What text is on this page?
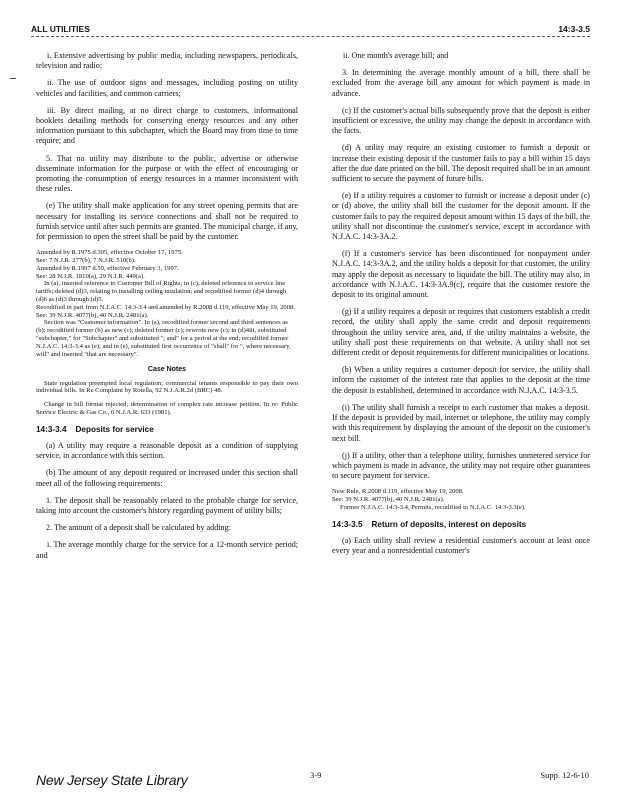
ALL UTILITIES	14:3-3.5

i. Extensive advertising by public media, including newspapers, periodicals, television and radio;

ii. The use of outdoor signs and messages, including posting on utility vehicles and facilities, and common carriers;

iii. By direct mailing, at no direct charge to customers, informational booklets detailing methods for conserving energy resources and any other information pursuant to this subchapter, which the Board may from time to time require; and

5. That no utility may distribute to the public, advertise or otherwise disseminate information for the purpose or with the effect of encouraging or promoting the consumption of energy resources in a manner inconsistent with these rules.

(e) The utility shall make application for any street opening permits that are necessary for installing its service connections and shall not be required to furnish service until after such permits are granted. The municipal charge, if any, for permission to open the street shall be paid by the customer.

Amended by R.1975 d.305, effective October 17, 1975.

See: 7 N.J.R. 277(b), 7 N.J.R. 510(b).

Amended by R.1997 d.59, effective February 3, 1997.

See: 28 N.J.R. 1810(a), 29 N.J.R. 449(a).

In (a), inserted reference to Customer Bill of Rights; in (c), deleted reference to service line tariffs; deleted (d)3, relating to installing ceiling insulation; and recodified former (d)4 through (d)6 as (d)3 through (d)5.

Recodified in part from N.J.A.C. 14:3-3.4 and amended by R.2008 d.119, effective May 19, 2008.

See: 39 N.J.R. 4077(b), 40 N.J.R. 2481(a).

Section was "Customer information". In (a), recodified former second and third sentences as (b); recodified former (b) as new (c); deleted former (c); rewrote new (c); in (d)4iii, substituted "subchapter," for "Subchapter" and substituted "; and" for a period at the end; recodified former N.J.A.C. 14:3-3.4 as (e); and in (e), substituted first occurrence of "shall" for ", where necessary, will" and inserted "that are necessary".

Case Notes

State regulation preempted local regulation; commercial tenants responsible to pay their own individual bills. In Re Complaint by Rotella, 92 N.J.A.R.2d (BRC) 48.

Change in bill format rejected; determination of complex rate increase petition. In re: Public Service Electric & Gas Co., 6 N.J.A.R. 633 (1981).

14:3-3.4 Deposits for service

(a) A utility may require a reasonable deposit as a condition of supplying service, in accordance with this section.

(b) The amount of any deposit required or increased under this section shall meet all of the following requirements:

1. The deposit shall be reasonably related to the probable charge for service, taking into account the customer's history regarding payment of utility bills;

2. The amount of a deposit shall be calculated by adding:

i. The average monthly charge for the service for a 12-month service period; and

ii. One month's average bill; and

3. In determining the average monthly amount of a bill, there shall be excluded from the average bill any amount for which payment is made in advance.

(c) If the customer's actual bills subsequently prove that the deposit is either insufficient or excessive, the utility may change the deposit in accordance with the facts.

(d) A utility may require an existing customer to furnish a deposit or increase their existing deposit if the customer fails to pay a bill within 15 days after the due date printed on the bill. The deposit required shall be in an amount sufficient to secure the payment of future bills.

(e) If a utility requires a customer to furnish or increase a deposit under (c) or (d) above, the utility shall bill the customer for the deposit amount. If the customer fails to pay the required deposit amount within 15 days of the bill, the utility shall not discontinue the customer's service, except in accordance with N.J.A.C. 14:3-3A.2.

(f) If a customer's service has been discontinued for nonpayment under N.J.A.C. 14:3-3A.2, and the utility holds a deposit for that customer, the utility may apply the deposit as necessary to liquidate the bill. The utility may also, in accordance with N.J.A.C. 14:3-3A.9(c), require that the customer restore the deposit to its original amount.

(g) If a utility requires a deposit or requires that customers establish a credit record, the utility shall apply the same credit and deposit requirements throughout the utility service area, and, if the utility maintains a website, the utility shall post these requirements on that website. A utility shall not set different credit or deposit requirements for different municipalities or locations.

(h) When a utility requires a customer deposit for service, the utility shall inform the customer of the interest rate that applies to the deposit at the time the deposit is established, determined in accordance with N.J.A.C. 14:3-3.5.

(i) The utility shall furnish a receipt to each customer that makes a deposit. If the deposit is provided by mail, internet or telephone, the utility may comply with this requirement by displaying the amount of the deposit on the customer's next bill.

(j) If a utility, other than a telephone utility, furnishes unmetered service for which payment is made in advance, the utility may not require other guarantees to secure payment for service.

New Rule, R.2008 d.119, effective May 19, 2008.

See: 39 N.J.R. 4077(b), 40 N.J.R. 2481(a).

Former N.J.A.C. 14:3-3.4, Permits, recodified to N.J.A.C. 14:3-3.3(e).

14:3-3.5 Return of deposits, interest on deposits

(a) Each utility shall review a residential customer's account at least once every year and a nonresidential customer's

New Jersey State Library	3-9	Supp. 12-6-10
